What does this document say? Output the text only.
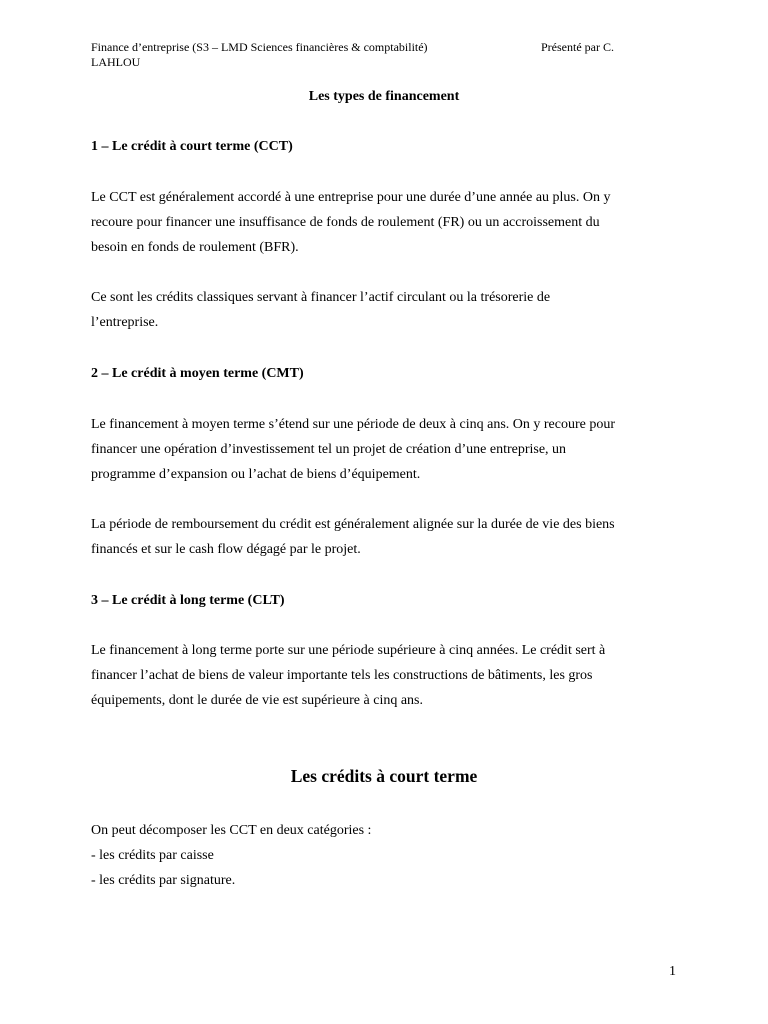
Finance d’entreprise (S3 – LMD Sciences financières & comptabilité)	Présenté par C.
LAHLOU
Les types de financement
1 – Le crédit à court terme (CCT)
Le CCT est généralement accordé à une entreprise pour une durée d’une année au plus. On y
recoure pour financer une insuffisance de fonds de roulement (FR) ou un accroissement du
besoin en fonds de roulement (BFR).
Ce sont les crédits classiques servant à financer l’actif circulant ou la trésorerie de
l’entreprise.
2 – Le crédit à moyen terme (CMT)
Le financement à moyen terme s’étend sur une période de deux à cinq ans. On y recoure pour
financer une opération d’investissement tel un projet de création d’une entreprise, un
programme d’expansion ou l’achat de biens d’équipement.
La période de remboursement du crédit est généralement alignée sur la durée de vie des biens
financés et sur le cash flow dégagé par le projet.
3 – Le crédit à long terme (CLT)
Le financement à long terme porte sur une période supérieure à cinq années. Le crédit sert à
financer l’achat de biens de valeur importante tels les constructions de bâtiments, les gros
équipements, dont le durée de vie est supérieure à cinq ans.
Les crédits à court terme
On peut décomposer les CCT en deux catégories :
- les crédits par caisse
- les crédits par signature.
1
